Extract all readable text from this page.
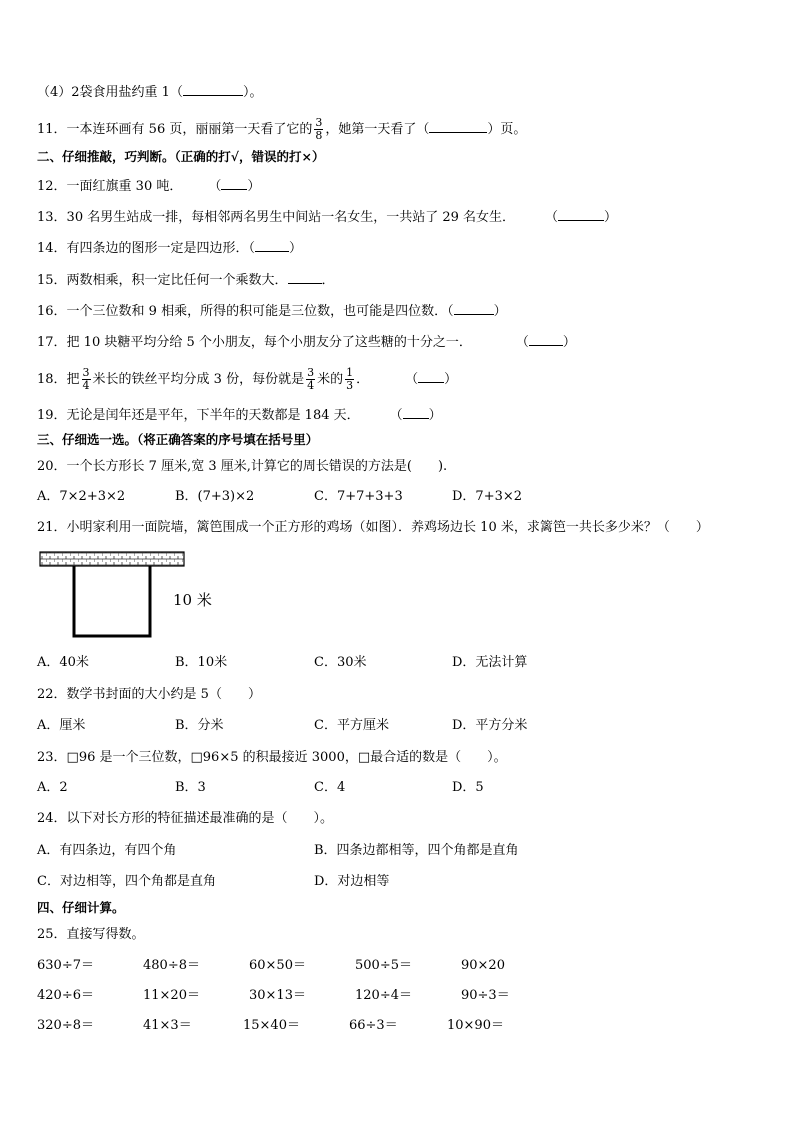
（4）2袋食用盐约重 1（	）。
11．一本连环画有 56 页，丽丽第一天看了它的 $\frac{3}{8}$ ，她第一天看了（	）页。
二、仔细推敲，巧判断。（正确的打√，错误的打×）
12．一面红旗重 30 吨． （ ）
13．30 名男生站成一排，每相邻两名男生中间站一名女生，一共站了 29 名女生． （	）
14．有四条边的图形一定是四边形．（	）
15．两数相乘，积一定比任何一个乘数大．	．
16．一个三位数和 9 相乘，所得的积可能是三位数，也可能是四位数．（	）
17．把 10 块糖平均分给 5 个小朋友，每个小朋友分了这些糖的十分之一．	（	）
18．把 $\frac{3}{4}$ 米长的铁丝平均分成 3 份，每份就是 $\frac{3}{4}$ 米的 $\frac{1}{3}$ ．	（ ）
19．无论是闰年还是平年，下半年的天数都是 184 天． （ ）
三、仔细选一选。（将正确答案的序号填在括号里）
20．一个长方形长 7 厘米,宽 3 厘米,计算它的周长错误的方法是(　　).
A．7×2+3×2	B．(7+3)×2	C．7+7+3+3	D．7+3×2
21．小明家利用一面院墙，篱笆围成一个正方形的鸡场（如图）．养鸡场边长 10 米，求篱笆一共长多少米？（　　）
10 米
A．40米	B．10米	C．30米	D．无法计算
22．数学书封面的大小约是 5（　　）
A．厘米	B．分米	C．平方厘米	D．平方分米
23．□96 是一个三位数，□96×5 的积最接近 3000，□最合适的数是（　　）。
A．2	B．3	C．4	D．5
24．以下对长方形的特征描述最准确的是（　　）。
A．有四条边，有四个角	B．四条边都相等，四个角都是直角
C．对边相等，四个角都是直角	D．对边相等
四、仔细计算。
25．直接写得数。
630÷7＝	480÷8＝	60×50＝	500÷5＝	90×20
420÷6＝	11×20＝	30×13＝	120÷4＝	90÷3＝
320÷8＝	41×3＝	15×40＝	66÷3＝	10×90＝
